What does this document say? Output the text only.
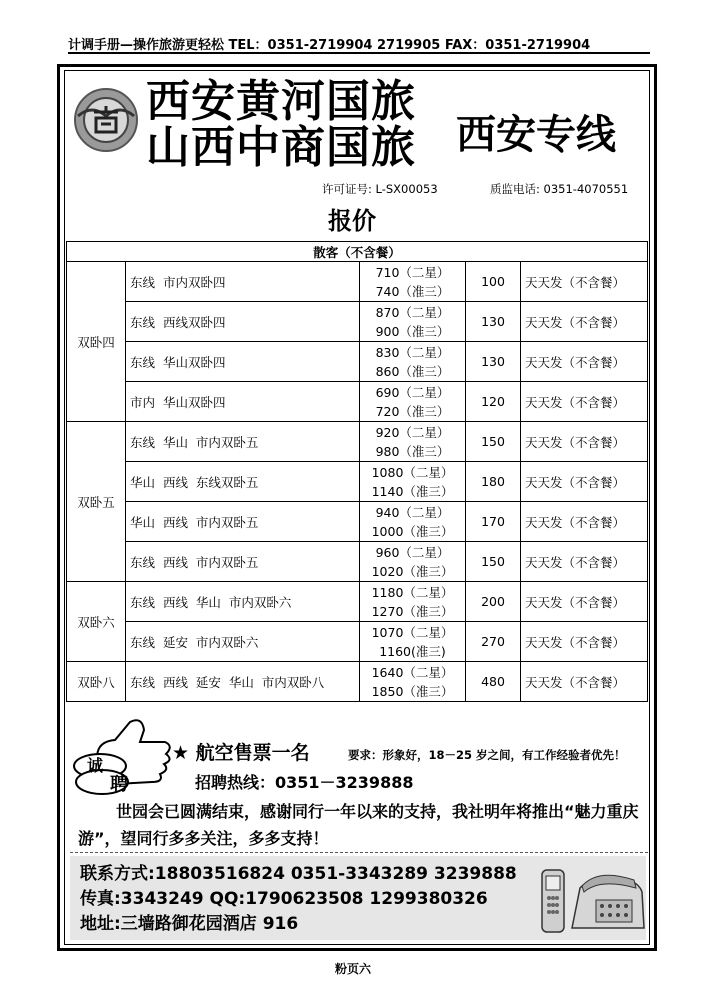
计调手册—操作旅游更轻松 TEL：0351-2719904 2719905 FAX：0351-2719904
西安黄河国旅
山西中商国旅 西安专线
许可证号: L-SX00053	质监电话: 0351-4070551
报价
散客（不含餐）				
双卧四	东线  市内双卧四	710（二星）
740（准三）	100	天天发（不含餐）
	东线  西线双卧四	870（二星）
900（准三）	130	天天发（不含餐）
	东线  华山双卧四	830（二星）
860（准三）	130	天天发（不含餐）
	市内  华山双卧四	690（二星）
720（准三）	120	天天发（不含餐）
双卧五	东线  华山  市内双卧五	920（二星）
980（准三）	150	天天发（不含餐）
	华山  西线  东线双卧五	1080（二星）
1140（准三）	180	天天发（不含餐）
	华山  西线  市内双卧五	940（二星）
1000（准三）	170	天天发（不含餐）
	东线  西线  市内双卧五	960（二星）
1020（准三）	150	天天发（不含餐）
双卧六	东线  西线  华山  市内双卧六	1180（二星）
1270（准三）	200	天天发（不含餐）
	东线  延安  市内双卧六	1070（二星）
1160(准三)	270	天天发（不含餐）
双卧八	东线  西线  延安  华山  市内双卧八	1640（二星）
1850（准三）	480	天天发（不含餐）
诚
聘
★ 航空售票一名	要求：形象好，18－25 岁之间，有工作经验者优先！
招聘热线：0351－3239888
世园会已圆满结束，感谢同行一年以来的支持，我社明年将推出“魅力重庆游”，望同行多多关注，多多支持！
联系方式:18803516824 0351-3343289 3239888
传真:3343249 QQ:1790623508 1299380326
地址:三墙路御花园酒店 916
粉页六
